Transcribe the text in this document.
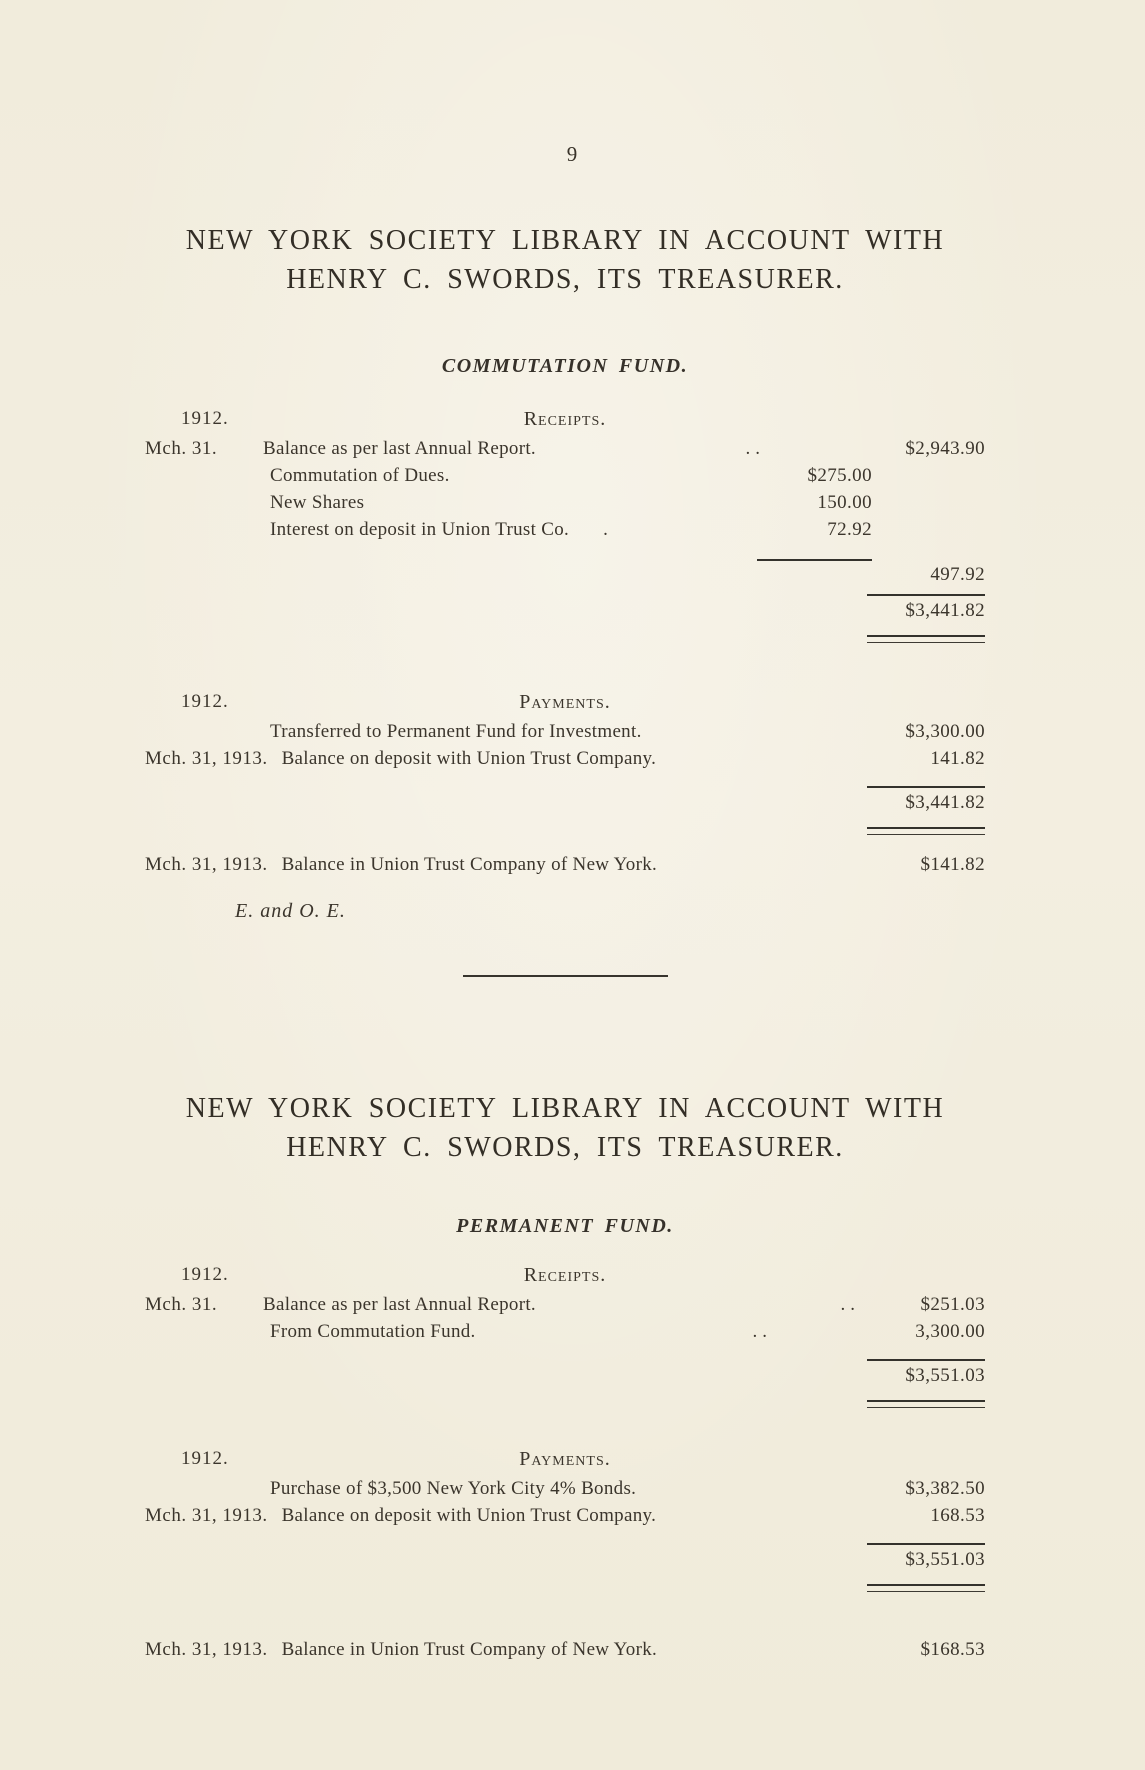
9
NEW YORK SOCIETY LIBRARY IN ACCOUNT WITH
HENRY C. SWORDS, ITS TREASURER.
COMMUTATION FUND.
1912.	Receipts.
Mch. 31.	Balance as per last Annual Report.	..	$2,943.90
Commutation of Dues.	$275.00
New Shares	150.00
Interest on deposit in Union Trust Co. .	72.92
497.92
$3,441.82
1912.	Payments.
Transferred to Permanent Fund for Investment.	$3,300.00
Mch. 31, 1913. Balance on deposit with Union Trust Company.	141.82
$3,441.82
Mch. 31, 1913. Balance in Union Trust Company of New York.	$141.82
E. and O. E.
NEW YORK SOCIETY LIBRARY IN ACCOUNT WITH
HENRY C. SWORDS, ITS TREASURER.
PERMANENT FUND.
1912.	Receipts.
Mch. 31.	Balance as per last Annual Report.	..	$251.03
From Commutation Fund.	..	3,300.00
$3,551.03
1912.	Payments.
Purchase of $3,500 New York City 4% Bonds.	$3,382.50
Mch. 31, 1913. Balance on deposit with Union Trust Company.	168.53
$3,551.03
Mch. 31, 1913. Balance in Union Trust Company of New York.	$168.53
